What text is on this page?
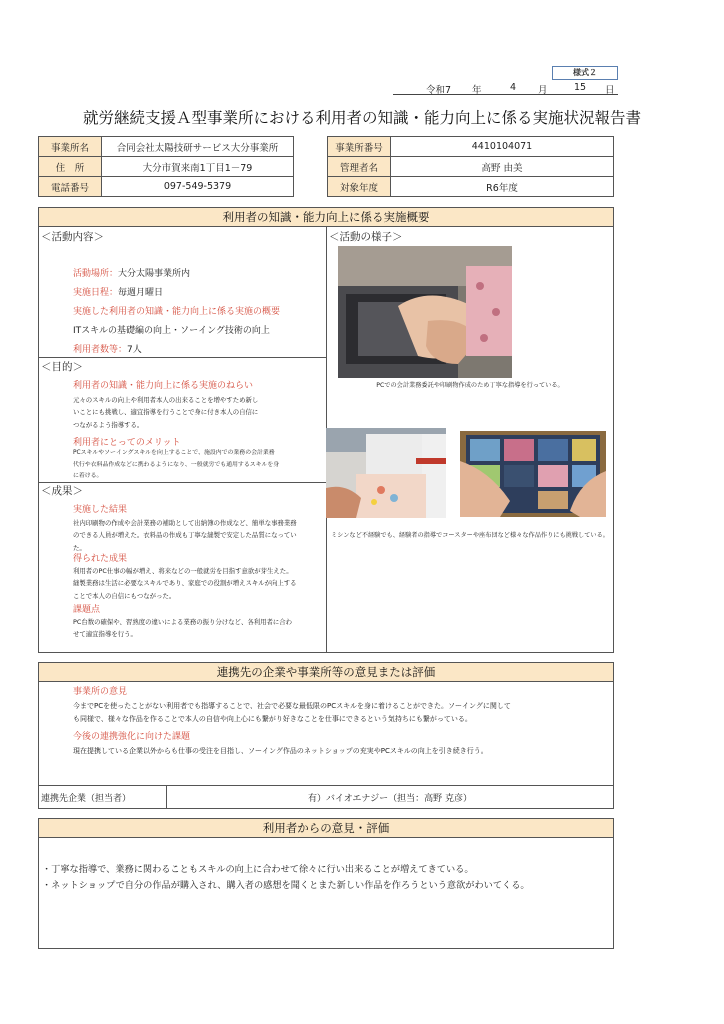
様式２
令和7 年	4 月	15 日
就労継続支援Ａ型事業所における利用者の知識・能力向上に係る実施状況報告書
事業所名	合同会社太陽技研サービス大分事業所
住　所	大分市賀来南1丁目1－79
電話番号	097-549-5379
事業所番号	4410104071
管理者名	高野 由美
対象年度	R6年度
利用者の知識・能力向上に係る実施概要
＜活動内容＞
活動場所：大分太陽事業所内
実施日程：毎週月曜日
実施した利用者の知識・能力向上に係る実施の概要
ITスキルの基礎編の向上・ソーイング技術の向上
利用者数等：7人
＜目的＞
利用者の知識・能力向上に係る実施のねらい
元々のスキルの向上や利用者本人の出来ることを増やすため新し
いことにも挑戦し、適宜指導を行うことで身に付き本人の自信に
つながるよう指導する。
利用者にとってのメリット
PCスキルやソーイングスキルを向上することで、施設内での業務の会計業務
代行や衣料品作成などに携わるようになり、一般就労でも通用するスキルを身
に着ける。
＜成果＞
実施した結果
社内印刷物の作成や会計業務の補助として出納簿の作成など、簡単な事務業務
のできる人員が増えた。衣料品の作成も丁寧な縫製で安定した品質になってい
た。
得られた成果
利用者のPC仕事の幅が増え、将来などの一般就労を目指す意欲が芽生えた。
縫製業務は生活に必要なスキルであり、家庭での役割が増えスキルが向上する
ことで本人の自信にもつながった。
課題点
PC台数の確保や、習熟度の違いによる業務の振り分けなど、各利用者に合わ
せて適宜指導を行う。
＜活動の様子＞
PCでの会計業務委託や印刷物作成のため丁寧な指導を行っている。
ミシンなど不経験でも、経験者の指導でコースターや座布団など様々な作品作りにも挑戦している。
連携先の企業や事業所等の意見または評価
事業所の意見
今までPCを使ったことがない利用者でも指導することで、社会で必要な最低限のPCスキルを身に着けることができた。ソーイングに関して
も同様で、様々な作品を作ることで本人の自信や向上心にも繋がり好きなことを仕事にできるという気持ちにも繋がっている。
今後の連携強化に向けた課題
現在提携している企業以外からも仕事の受注を目指し、ソーイング作品のネットショップの充実やPCスキルの向上を引き続き行う。
連携先企業（担当者）	有）バイオエナジー（担当：高野 克彦）
利用者からの意見・評価
・丁寧な指導で、業務に関わることもスキルの向上に合わせて徐々に行い出来ることが増えてきている。
・ネットショップで自分の作品が購入され、購入者の感想を聞くとまた新しい作品を作ろうという意欲がわいてくる。
